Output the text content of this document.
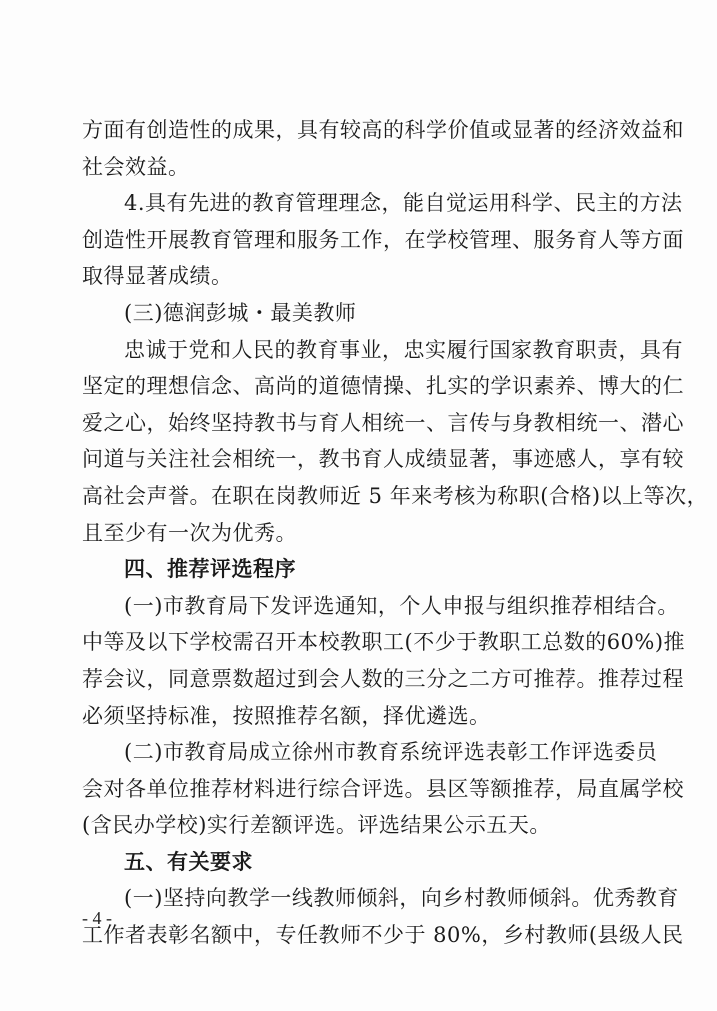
方面有创造性的成果，具有较高的科学价值或显著的经济效益和
社会效益。
4.具有先进的教育管理理念，能自觉运用科学、民主的方法
创造性开展教育管理和服务工作，在学校管理、服务育人等方面
取得显著成绩。
(三)德润彭城・最美教师
忠诚于党和人民的教育事业，忠实履行国家教育职责，具有
坚定的理想信念、高尚的道德情操、扎实的学识素养、博大的仁
爱之心，始终坚持教书与育人相统一、言传与身教相统一、潜心
问道与关注社会相统一，教书育人成绩显著，事迹感人，享有较
高社会声誉。在职在岗教师近 5 年来考核为称职(合格)以上等次，
且至少有一次为优秀。
四、推荐评选程序
(一)市教育局下发评选通知，个人申报与组织推荐相结合。
中等及以下学校需召开本校教职工(不少于教职工总数的60%)推
荐会议，同意票数超过到会人数的三分之二方可推荐。推荐过程
必须坚持标准，按照推荐名额，择优遴选。
(二)市教育局成立徐州市教育系统评选表彰工作评选委员
会对各单位推荐材料进行综合评选。县区等额推荐，局直属学校
(含民办学校)实行差额评选。评选结果公示五天。
五、有关要求
(一)坚持向教学一线教师倾斜，向乡村教师倾斜。优秀教育
工作者表彰名额中，专任教师不少于 80%，乡村教师(县级人民
- 4 -
